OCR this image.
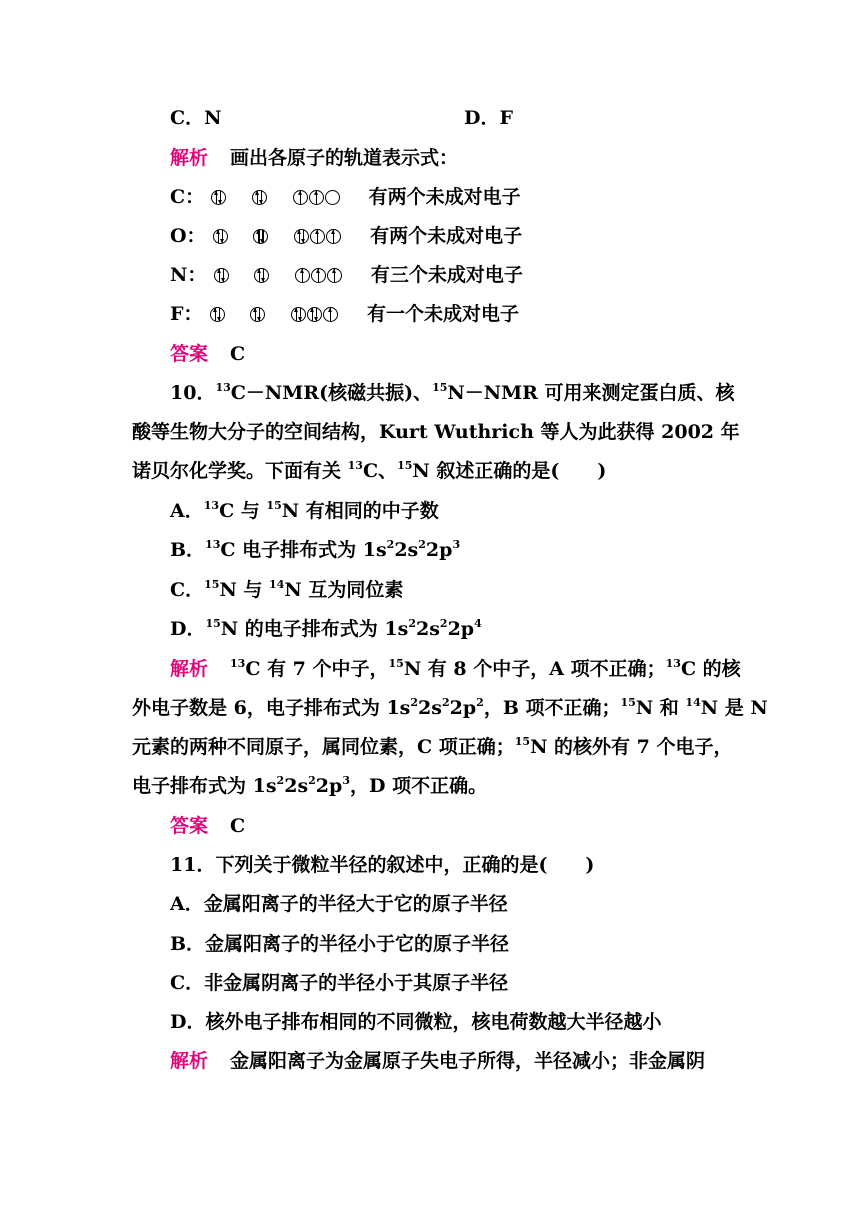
C．N	D．F
解析 画出各原子的轨道表示式：
C：

	有两个未成对电子
O：

	有两个未成对电子
N：

	有三个未成对电子
F：

	有一个未成对电子
答案 C
10．$^{13}$C－NMR(核磁共振)、$^{15}$N－NMR 可用来测定蛋白质、核
酸等生物大分子的空间结构，Kurt Wuthrich 等人为此获得 2002 年
诺贝尔化学奖。下面有关 $^{13}$C、$^{15}$N 叙述正确的是(　　)
A．$^{13}$C 与 $^{15}$N 有相同的中子数
B．$^{13}$C 电子排布式为 $1s^22s^22p^3$
C．$^{15}$N 与 $^{14}$N 互为同位素
D．$^{15}$N 的电子排布式为 $1s^22s^22p^4$
解析 $^{13}$C 有 7 个中子，$^{15}$N 有 8 个中子，A 项不正确；$^{13}$C 的核
外电子数是 6，电子排布式为 $1s^22s^22p^2$，B 项不正确；$^{15}$N 和 $^{14}$N 是 N
元素的两种不同原子，属同位素，C 项正确；$^{15}$N 的核外有 7 个电子，
电子排布式为 $1s^22s^22p^3$，D 项不正确。
答案 C
11．下列关于微粒半径的叙述中，正确的是(　　)
A．金属阳离子的半径大于它的原子半径
B．金属阳离子的半径小于它的原子半径
C．非金属阴离子的半径小于其原子半径
D．核外电子排布相同的不同微粒，核电荷数越大半径越小
解析 金属阳离子为金属原子失电子所得，半径减小；非金属阴
